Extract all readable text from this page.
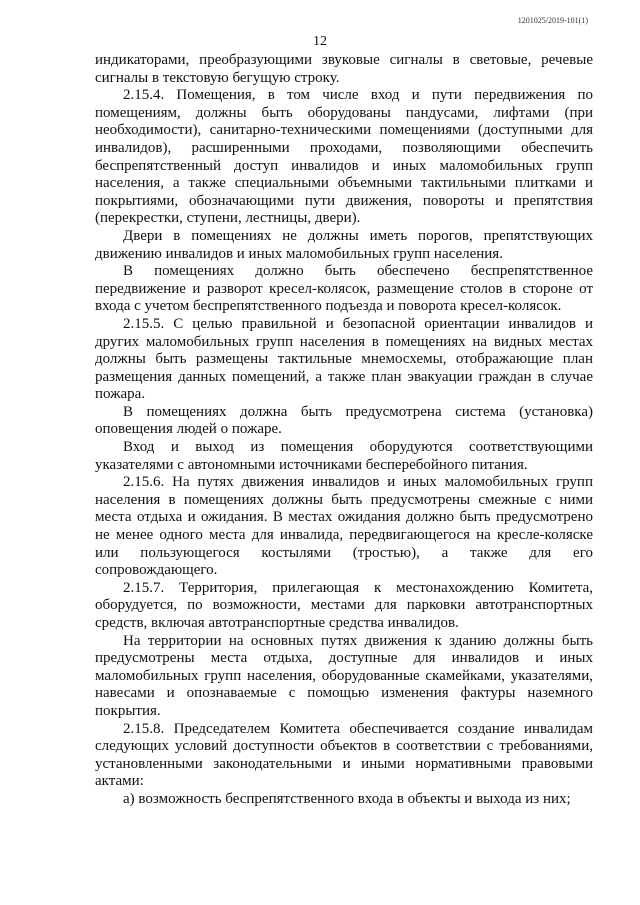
1201025/2019-101(1)
12

индикаторами, преобразующими звуковые сигналы в световые, речевые сигналы в текстовую бегущую строку.

2.15.4. Помещения, в том числе вход и пути передвижения по помещениям, должны быть оборудованы пандусами, лифтами (при необходимости), санитарно-техническими помещениями (доступными для инвалидов), расширенными проходами, позволяющими обеспечить беспрепятственный доступ инвалидов и иных маломобильных групп населения, а также специальными объемными тактильными плитками и покрытиями, обозначающими пути движения, повороты и препятствия (перекрестки, ступени, лестницы, двери).

Двери в помещениях не должны иметь порогов, препятствующих движению инвалидов и иных маломобильных групп населения.

В помещениях должно быть обеспечено беспрепятственное передвижение и разворот кресел-колясок, размещение столов в стороне от входа с учетом беспрепятственного подъезда и поворота кресел-колясок.

2.15.5. С целью правильной и безопасной ориентации инвалидов и других маломобильных групп населения в помещениях на видных местах должны быть размещены тактильные мнемосхемы, отображающие план размещения данных помещений, а также план эвакуации граждан в случае пожара.

В помещениях должна быть предусмотрена система (установка) оповещения людей о пожаре.

Вход и выход из помещения оборудуются соответствующими указателями с автономными источниками бесперебойного питания.

2.15.6. На путях движения инвалидов и иных маломобильных групп населения в помещениях должны быть предусмотрены смежные с ними места отдыха и ожидания. В местах ожидания должно быть предусмотрено не менее одного места для инвалида, передвигающегося на кресле-коляске или пользующегося костылями (тростью), а также для его сопровождающего.

2.15.7. Территория, прилегающая к местонахождению Комитета, оборудуется, по возможности, местами для парковки автотранспортных средств, включая автотранспортные средства инвалидов.

На территории на основных путях движения к зданию должны быть предусмотрены места отдыха, доступные для инвалидов и иных маломобильных групп населения, оборудованные скамейками, указателями, навесами и опознаваемые с помощью изменения фактуры наземного покрытия.

2.15.8. Председателем Комитета обеспечивается создание инвалидам следующих условий доступности объектов в соответствии с требованиями, установленными законодательными и иными нормативными правовыми актами:

а) возможность беспрепятственного входа в объекты и выхода из них;
